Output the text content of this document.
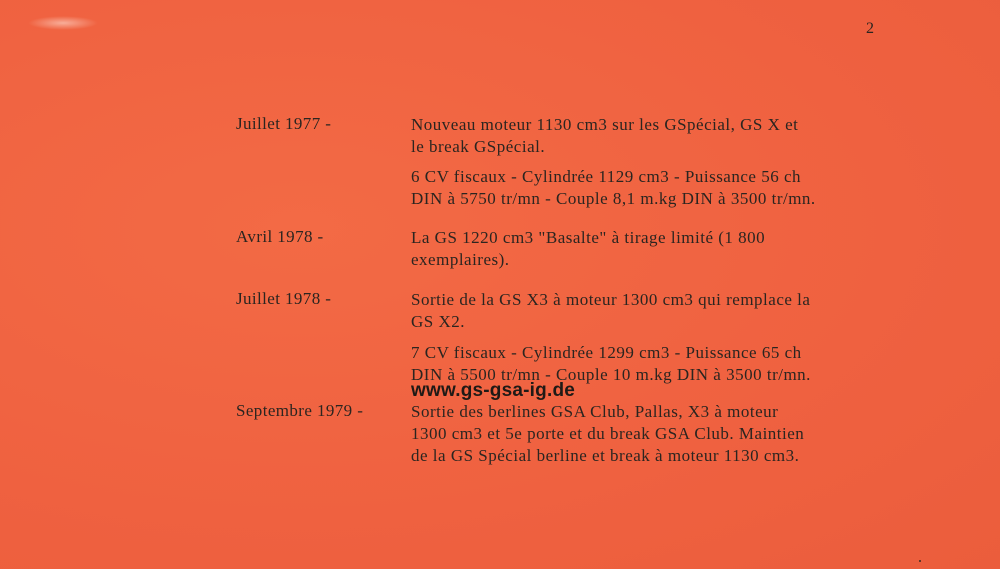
2
Juillet 1977 -	Nouveau moteur 1130 cm3 sur les GSpécial, GS X et
le break GSpécial.
6 CV fiscaux - Cylindrée 1129 cm3 - Puissance 56 ch
DIN à 5750 tr/mn - Couple 8,1 m.kg DIN à 3500 tr/mn.
Avril 1978 -	La GS 1220 cm3 "Basalte" à tirage limité (1 800
exemplaires).
Juillet 1978 -	Sortie de la GS X3 à moteur 1300 cm3 qui remplace la
GS X2.
7 CV fiscaux - Cylindrée 1299 cm3 - Puissance 65 ch
DIN à 5500 tr/mn - Couple 10 m.kg DIN à 3500 tr/mn.
www.gs-gsa-ig.de
Septembre 1979 -	Sortie des berlines GSA Club, Pallas, X3 à moteur
1300 cm3 et 5e porte et du break GSA Club. Maintien
de la GS Spécial berline et break à moteur 1130 cm3.
